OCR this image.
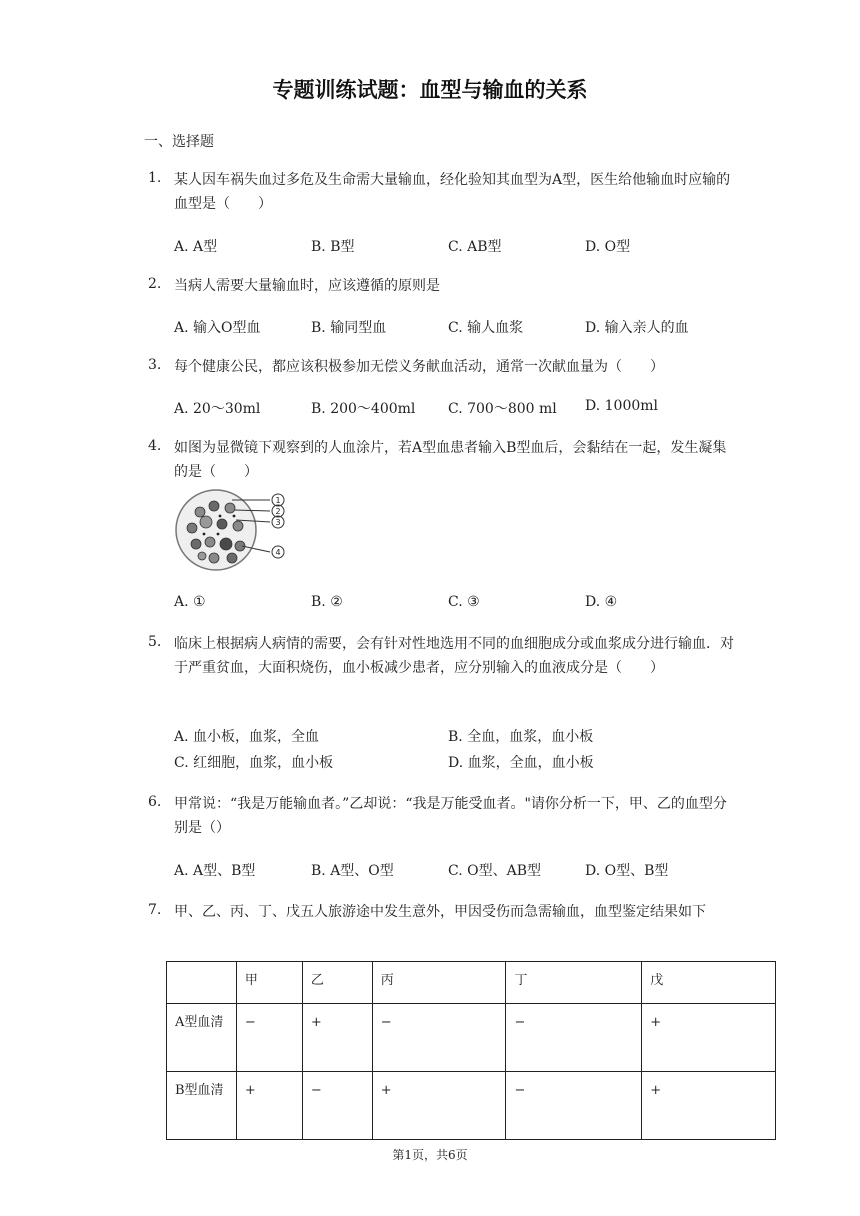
专题训练试题：血型与输血的关系
一、选择题
1. 某人因车祸失血过多危及生命需大量输血，经化验知其血型为A型，医生给他输血时应输的血型是（　　）
A. A型	B. B型	C. AB型	D. O型
2. 当病人需要大量输血时，应该遵循的原则是
A. 输入O型血	B. 输同型血	C. 输人血浆	D. 输入亲人的血
3. 每个健康公民，都应该积极参加无偿义务献血活动，通常一次献血量为（　　）
A. 20～30ml	B. 200～400ml C. 700～800 ml D. 1000ml
4. 如图为显微镜下观察到的人血涂片，若A型血患者输入B型血后，会黏结在一起，发生凝集的是（　　）
1
2
3
4
A. ①	B. ②	C. ③	D. ④
5. 临床上根据病人病情的需要，会有针对性地选用不同的血细胞成分或血浆成分进行输血．对于严重贫血，大面积烧伤，血小板减少患者，应分别输入的血液成分是（　　）
A. 血小板，血浆，全血	B. 全血，血浆，血小板
C. 红细胞，血浆，血小板	D. 血浆，全血，血小板
6. 甲常说：“我是万能输血者。”乙却说：“我是万能受血者。"请你分析一下，甲、乙的血型分别是（）
A. A型、B型	B. A型、O型	C. O型、AB型	D. O型、B型
7. 甲、乙、丙、丁、戊五人旅游途中发生意外，甲因受伤而急需输血，血型鉴定结果如下
	甲	乙	丙	丁	戊
A型血清	−	+	−	−	+
B型血清	+	−	+	−	+
第1页，共6页
